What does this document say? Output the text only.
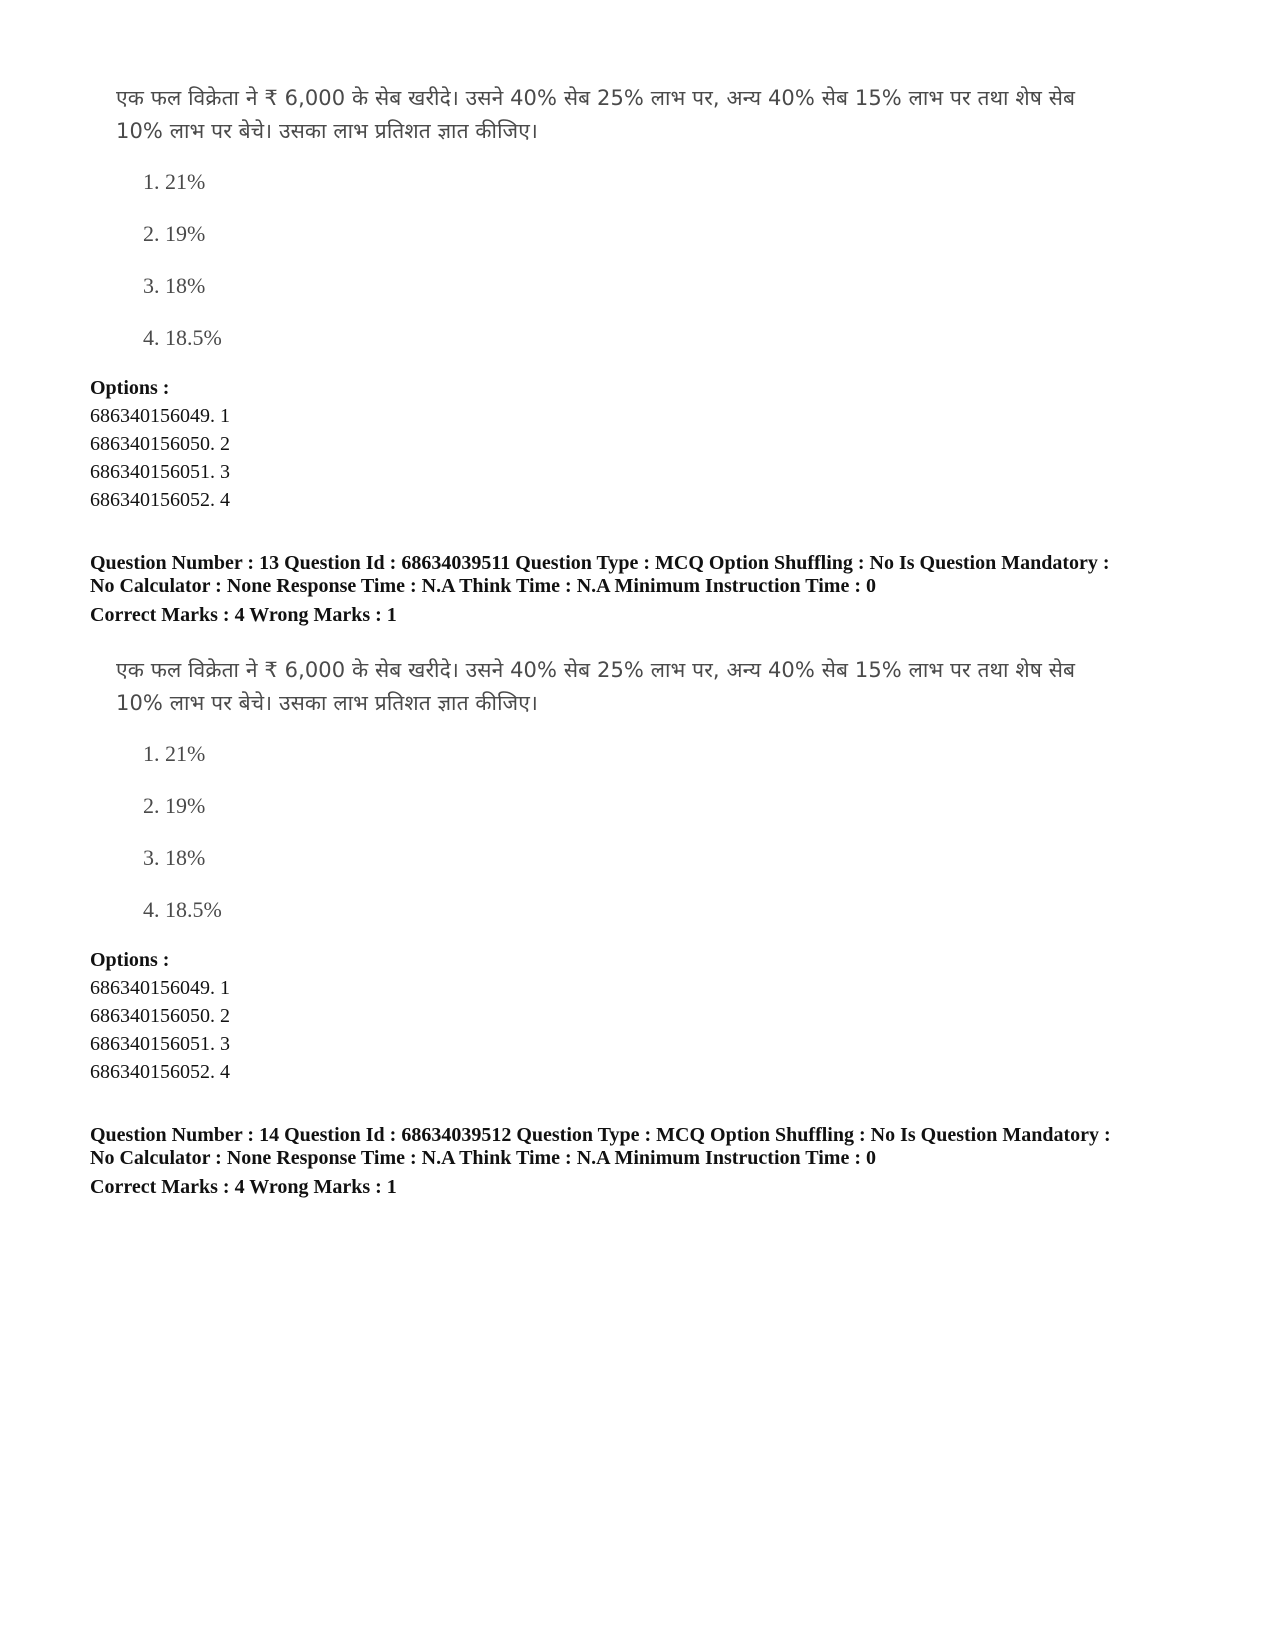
एक फल विक्रेता ने ₹ 6,000 के सेब खरीदे। उसने 40% सेब 25% लाभ पर, अन्य 40% सेब 15% लाभ पर तथा शेष सेब
10% लाभ पर बेचे। उसका लाभ प्रतिशत ज्ञात कीजिए।
1. 21%
2. 19%
3. 18%
4. 18.5%
Options :
686340156049. 1
686340156050. 2
686340156051. 3
686340156052. 4
Question Number : 13 Question Id : 68634039511 Question Type : MCQ Option Shuffling : No Is Question Mandatory :
No Calculator : None Response Time : N.A Think Time : N.A Minimum Instruction Time : 0
Correct Marks : 4 Wrong Marks : 1
एक फल विक्रेता ने ₹ 6,000 के सेब खरीदे। उसने 40% सेब 25% लाभ पर, अन्य 40% सेब 15% लाभ पर तथा शेष सेब
10% लाभ पर बेचे। उसका लाभ प्रतिशत ज्ञात कीजिए।
1. 21%
2. 19%
3. 18%
4. 18.5%
Options :
686340156049. 1
686340156050. 2
686340156051. 3
686340156052. 4
Question Number : 14 Question Id : 68634039512 Question Type : MCQ Option Shuffling : No Is Question Mandatory :
No Calculator : None Response Time : N.A Think Time : N.A Minimum Instruction Time : 0
Correct Marks : 4 Wrong Marks : 1
